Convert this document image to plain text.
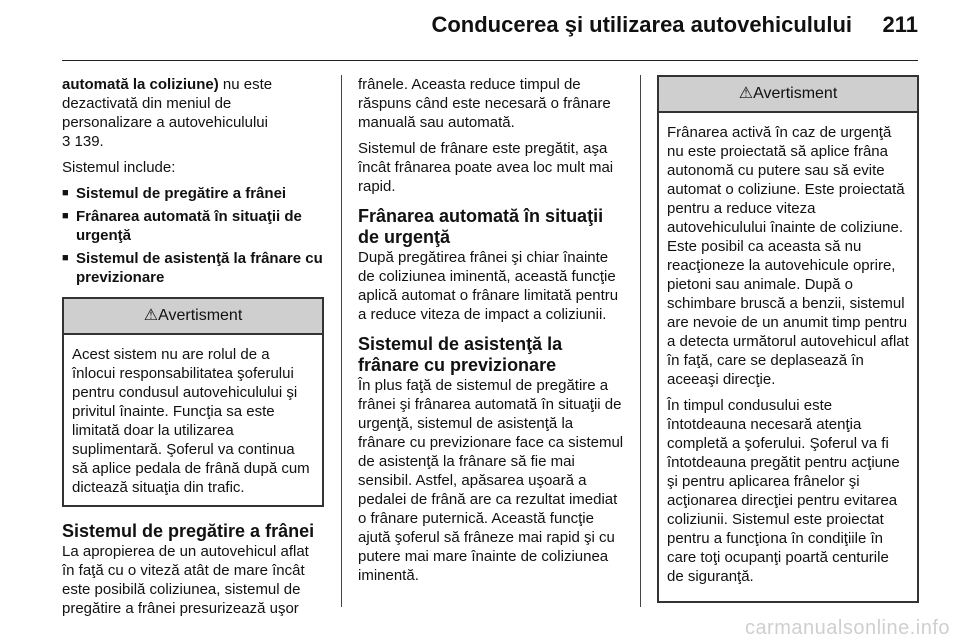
Conducerea şi utilizarea autovehiculului 211

automată la coliziune) nu este dezactivată din meniul de personalizare a autovehiculului
3 139.

Sistemul include:

■ Sistemul de pregătire a frânei
■ Frânarea automată în situaţii de urgenţă
■ Sistemul de asistenţă la frânare cu previzionare
⚠Avertisment
Acest sistem nu are rolul de a înlocui responsabilitatea şoferului pentru condusul autovehiculului şi privitul înainte. Funcţia sa este limitată doar la utilizarea suplimentară. Şoferul va continua să aplice pedala de frână după cum dictează situaţia din trafic.
Sistemul de pregătire a frânei

La apropierea de un autovehicul aflat în faţă cu o viteză atât de mare încât este posibilă coliziunea, sistemul de pregătire a frânei presurizează uşor

frânele. Aceasta reduce timpul de răspuns când este necesară o frânare manuală sau automată.

Sistemul de frânare este pregătit, aşa încât frânarea poate avea loc mult mai rapid.

Frânarea automată în situaţii de urgenţă

După pregătirea frânei şi chiar înainte de coliziunea iminentă, această funcţie aplică automat o frânare limitată pentru a reduce viteza de impact a coliziunii.

Sistemul de asistenţă la frânare cu previzionare

În plus faţă de sistemul de pregătire a frânei şi frânarea automată în situaţii de urgenţă, sistemul de asistenţă la frânare cu previzionare face ca sistemul de asistenţă la frânare să fie mai sensibil. Astfel, apăsarea uşoară a pedalei de frână are ca rezultat imediat o frânare puternică. Această funcţie ajută şoferul să frâneze mai rapid şi cu putere mai mare înainte de coliziunea iminentă.

⚠Avertisment

Frânarea activă în caz de urgenţă nu este proiectată să aplice frâna autonomă cu putere sau să evite automat o coliziune. Este proiectată pentru a reduce viteza autovehiculului înainte de coliziune. Este posibil ca aceasta să nu reacţioneze la autovehicule oprire, pietoni sau animale. După o schimbare bruscă a benzii, sistemul are nevoie de un anumit timp pentru a detecta următorul autovehicul aflat în faţă, care se deplasează în aceeaşi direcţie.

În timpul condusului este întotdeauna necesară atenţia completă a şoferului. Şoferul va fi întotdeauna pregătit pentru acţiune şi pentru aplicarea frânelor şi acţionarea direcţiei pentru evitarea coliziunii. Sistemul este proiectat pentru a funcţiona în condiţiile în care toţi ocupanţi poartă centurile de siguranţă.

carmanualsonline.info
